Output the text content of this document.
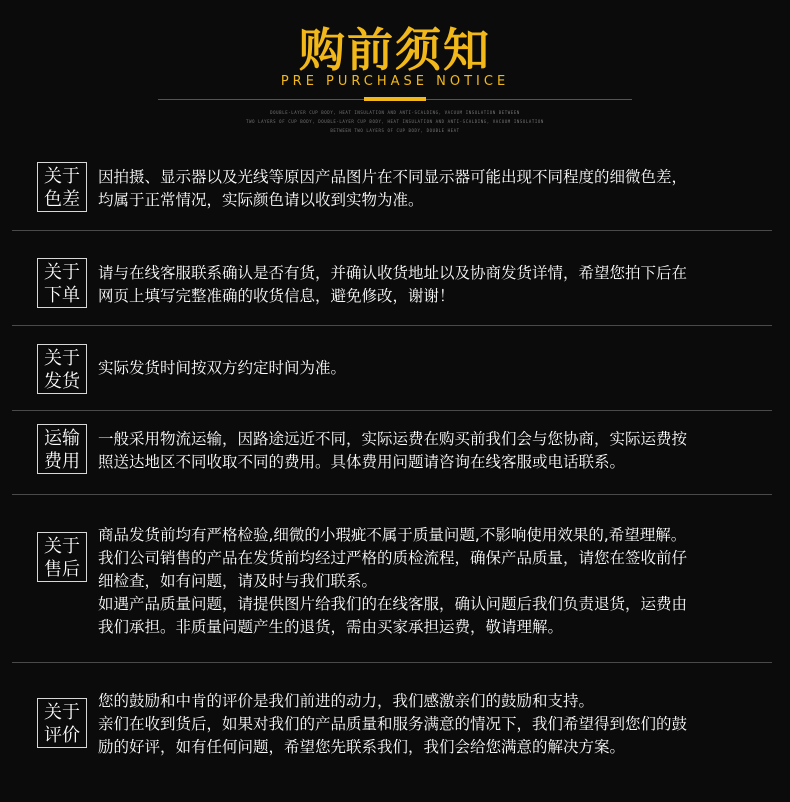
购前须知
PRE PURCHASE NOTICE
DOUBLE-LAYER CUP BODY, HEAT INSULATION AND ANTI-SCALDING, VACUUM INSULATION BETWEEN
TWO LAYERS OF CUP BODY, DOUBLE-LAYER CUP BODY, HEAT INSULATION AND ANTI-SCALDING, VACUUM INSULATION
BETWEEN TWO LAYERS OF CUP BODY, DOUBLE HEAT
关于
色差

因拍摄、显示器以及光线等原因产品图片在不同显示器可能出现不同程度的细微色差，

均属于正常情况，实际颜色请以收到实物为准。

关于
下单

请与在线客服联系确认是否有货，并确认收货地址以及协商发货详情，希望您拍下后在

网页上填写完整准确的收货信息，避免修改，谢谢！

关于
发货

实际发货时间按双方约定时间为准。

运输
费用

一般采用物流运输，因路途远近不同，实际运费在购买前我们会与您协商，实际运费按

照送达地区不同收取不同的费用。具体费用问题请咨询在线客服或电话联系。

关于
售后

商品发货前均有严格检验,细微的小瑕疵不属于质量问题,不影响使用效果的,希望理解。

我们公司销售的产品在发货前均经过严格的质检流程，确保产品质量，请您在签收前仔

细检查，如有问题，请及时与我们联系。

如遇产品质量问题，请提供图片给我们的在线客服，确认问题后我们负责退货，运费由

我们承担。非质量问题产生的退货，需由买家承担运费，敬请理解。

关于
评价

您的鼓励和中肯的评价是我们前进的动力，我们感激亲们的鼓励和支持。

亲们在收到货后，如果对我们的产品质量和服务满意的情况下，我们希望得到您们的鼓

励的好评，如有任何问题，希望您先联系我们，我们会给您满意的解决方案。
